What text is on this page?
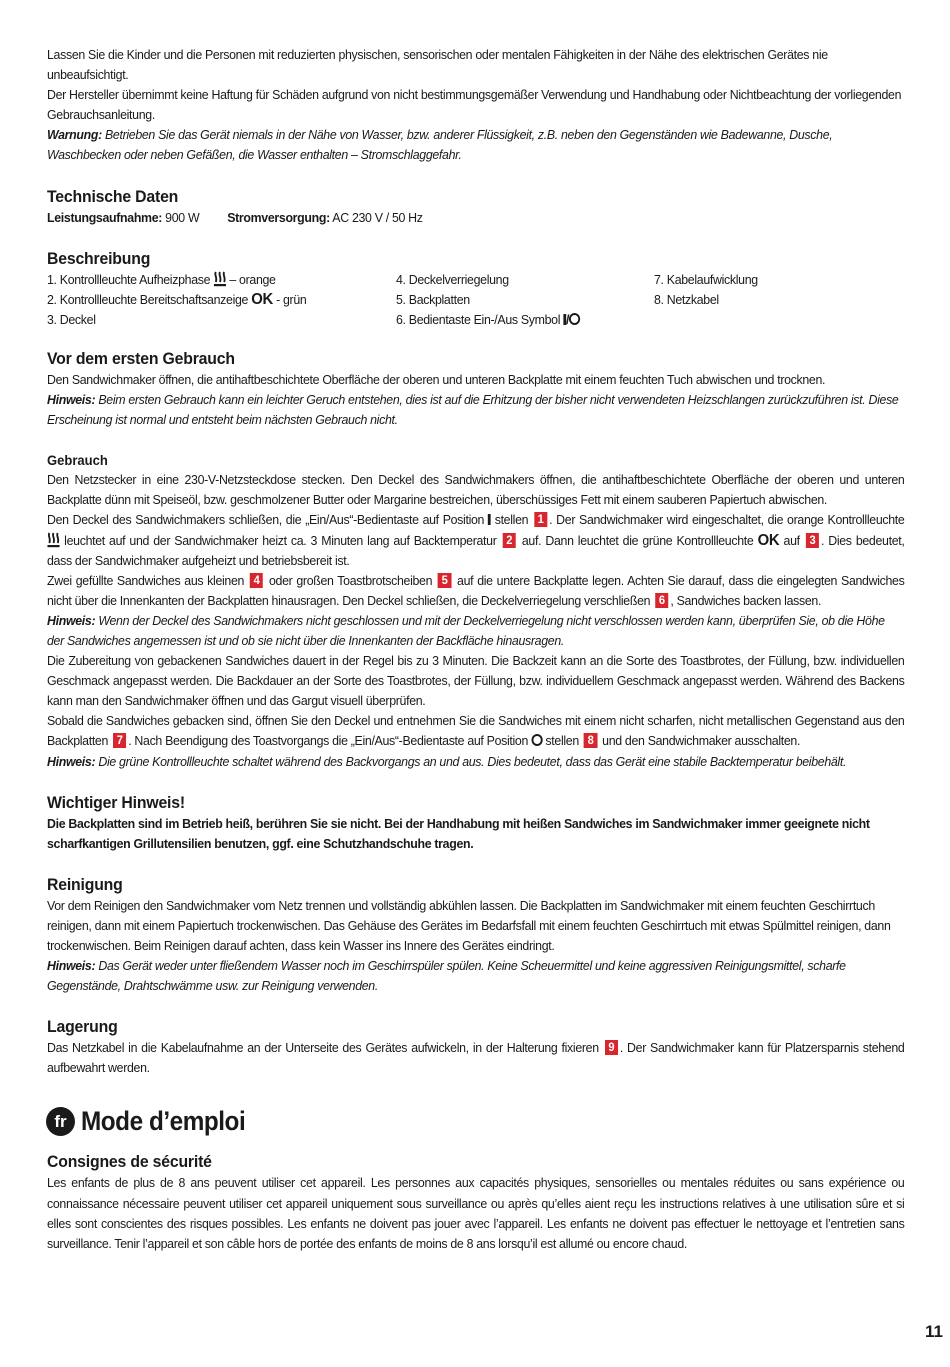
Lassen Sie die Kinder und die Personen mit reduzierten physischen, sensorischen oder mentalen Fähigkeiten in der Nähe des elektrischen Gerätes nie unbeaufsichtigt.

Der Hersteller übernimmt keine Haftung für Schäden aufgrund von nicht bestimmungsgemäßer Verwendung und Handhabung oder Nichtbeachtung der vorliegenden Gebrauchsanleitung.

Warnung: Betrieben Sie das Gerät niemals in der Nähe von Wasser, bzw. anderer Flüssigkeit, z.B. neben den Gegenständen wie Badewanne, Dusche, Waschbecken oder neben Gefäßen, die Wasser enthalten – Stromschlaggefahr.

Technische Daten

Leistungsaufnahme: 900 W Stromversorgung: AC 230 V / 50 Hz

Beschreibung

1. Kontrollleuchte Aufheizphase  – orange

2. Kontrollleuchte Bereitschaftsanzeige OK - grün

3. Deckel

4. Deckelverriegelung

5. Backplatten

6. Bedientaste Ein-/Aus Symbol /

7. Kabelaufwicklung

8. Netzkabel

Vor dem ersten Gebrauch

Den Sandwichmaker öffnen, die antihaftbeschichtete Oberfläche der oberen und unteren Backplatte mit einem feuchten Tuch abwischen und trocknen.

Hinweis: Beim ersten Gebrauch kann ein leichter Geruch entstehen, dies ist auf die Erhitzung der bisher nicht verwendeten Heizschlangen zurückzuführen ist. Diese Erscheinung ist normal und entsteht beim nächsten Gebrauch nicht.

Gebrauch

Den Netzstecker in eine 230-V-Netzsteckdose stecken. Den Deckel des Sandwichmakers öffnen, die antihaftbeschichtete Oberfläche der oberen und unteren Backplatte dünn mit Speiseöl, bzw. geschmolzener Butter oder Margarine bestreichen, überschüssiges Fett mit einem sauberen Papiertuch abwischen.

Den Deckel des Sandwichmakers schließen, die „Ein/Aus“-Bedientaste auf Position  stellen 1 . Der Sandwichmaker wird eingeschaltet, die orange Kontrollleuchte  leuchtet auf und der Sandwichmaker heizt ca. 3 Minuten lang auf Backtemperatur 2 auf. Dann leuchtet die grüne Kontrollleuchte OK auf 3 . Dies bedeutet, dass der Sandwichmaker aufgeheizt und betriebsbereit ist.

Zwei gefüllte Sandwiches aus kleinen 4 oder großen Toastbrotscheiben 5 auf die untere Backplatte legen. Achten Sie darauf, dass die eingelegten Sandwiches nicht über die Innenkanten der Backplatten hinausragen. Den Deckel schließen, die Deckelverriegelung verschließen 6 , Sandwiches backen lassen.

Hinweis: Wenn der Deckel des Sandwichmakers nicht geschlossen und mit der Deckelverriegelung nicht verschlossen werden kann, überprüfen Sie, ob die Höhe der Sandwiches angemessen ist und ob sie nicht über die Innenkanten der Backfläche hinausragen.

Die Zubereitung von gebackenen Sandwiches dauert in der Regel bis zu 3 Minuten. Die Backzeit kann an die Sorte des Toastbrotes, der Füllung, bzw. individuellen Geschmack angepasst werden. Die Backdauer an der Sorte des Toastbrotes, der Füllung, bzw. individuellem Geschmack angepasst werden. Während des Backens kann man den Sandwichmaker öffnen und das Gargut visuell überprüfen.

Sobald die Sandwiches gebacken sind, öffnen Sie den Deckel und entnehmen Sie die Sandwiches mit einem nicht scharfen, nicht metallischen Gegenstand aus den Backplatten 7 . Nach Beendigung des Toastvorgangs die „Ein/Aus“-Bedientaste auf Position  stellen 8 und den Sandwichmaker ausschalten.

Hinweis: Die grüne Kontrollleuchte schaltet während des Backvorgangs an und aus. Dies bedeutet, dass das Gerät eine stabile Backtemperatur beibehält.

Wichtiger Hinweis!

Die Backplatten sind im Betrieb heiß, berühren Sie sie nicht. Bei der Handhabung mit heißen Sandwiches im Sandwichmaker immer geeignete nicht scharfkantigen Grillutensilien benutzen, ggf. eine Schutzhandschuhe tragen.

Reinigung

Vor dem Reinigen den Sandwichmaker vom Netz trennen und vollständig abkühlen lassen. Die Backplatten im Sandwichmaker mit einem feuchten Geschirrtuch reinigen, dann mit einem Papiertuch trockenwischen. Das Gehäuse des Gerätes im Bedarfsfall mit einem feuchten Geschirrtuch mit etwas Spülmittel reinigen, dann trockenwischen. Beim Reinigen darauf achten, dass kein Wasser ins Innere des Gerätes eindringt.

Hinweis: Das Gerät weder unter fließendem Wasser noch im Geschirrspüler spülen. Keine Scheuermittel und keine aggressiven Reinigungsmittel, scharfe Gegenstände, Drahtschwämme usw. zur Reinigung verwenden.

Lagerung

Das Netzkabel in die Kabelaufnahme an der Unterseite des Gerätes aufwickeln, in der Halterung fixieren 9 . Der Sandwichmaker kann für Platzersparnis stehend aufbewahrt werden.

fr Mode d’emploi
Consignes de sécurité

Les enfants de plus de 8 ans peuvent utiliser cet appareil. Les personnes aux capacités physiques, sensorielles ou mentales réduites ou sans expérience ou connaissance nécessaire peuvent utiliser cet appareil uniquement sous surveillance ou après qu’elles aient reçu les instructions relatives à une utilisation sûre et si elles sont conscientes des risques possibles. Les enfants ne doivent pas jouer avec l’appareil. Les enfants ne doivent pas effectuer le nettoyage et l’entretien sans surveillance. Tenir l’appareil et son câble hors de portée des enfants de moins de 8 ans lorsqu’il est allumé ou encore chaud.

11
